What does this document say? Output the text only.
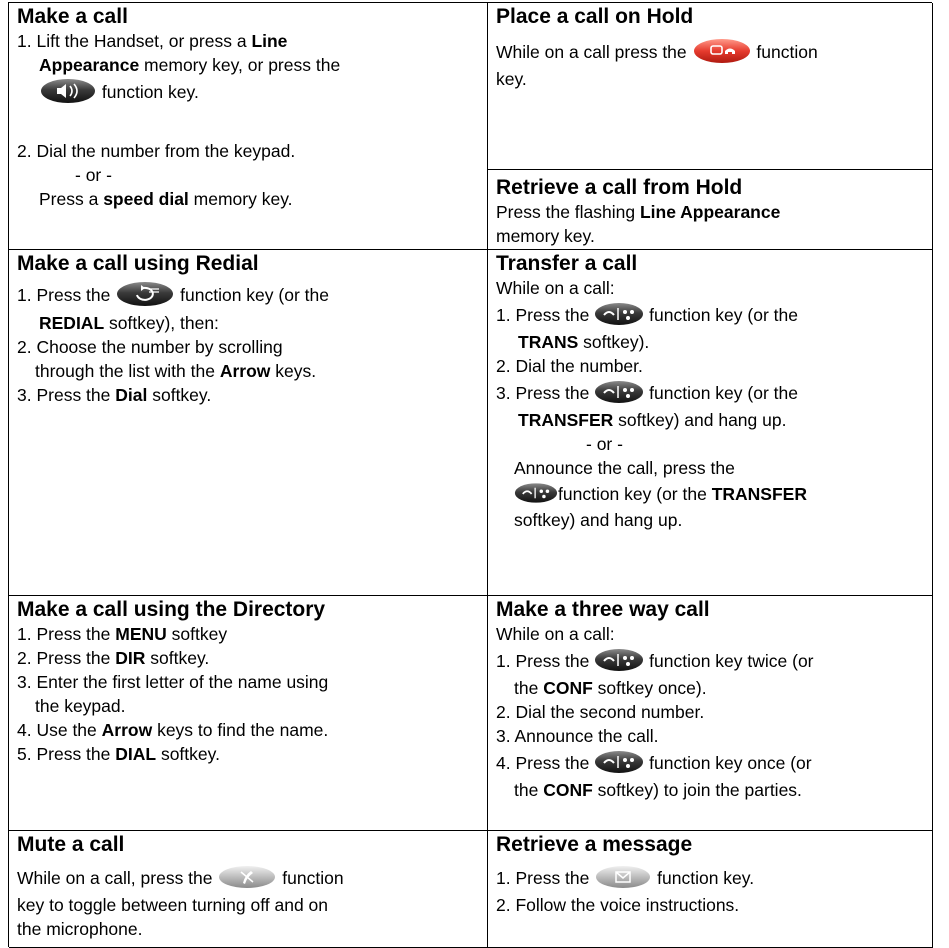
Make a call
1. Lift the Handset, or press a Line
Appearance memory key, or press the
function key.
2. Dial the number from the keypad.
- or -
Press a speed dial memory key.
Place a call on Hold
While on a call press the	function
key.
Retrieve a call from Hold
Press the flashing Line Appearance
memory key.
Make a call using Redial
1. Press the	function key (or the
REDIAL softkey), then:
2. Choose the number by scrolling
through the list with the Arrow keys.
3. Press the Dial softkey.
Transfer a call
While on a call:
1. Press the	function key (or the
TRANS softkey).
2. Dial the number.
3. Press the	function key (or the
TRANSFER softkey) and hang up.
- or -
Announce the call, press the
function key (or the TRANSFER
softkey) and hang up.
Make a call using the Directory
1. Press the MENU softkey
2. Press the DIR softkey.
3. Enter the first letter of the name using
the keypad.
4. Use the Arrow keys to find the name.
5. Press the DIAL softkey.
Make a three way call
While on a call:
1. Press the	function key twice (or
the CONF softkey once).
2. Dial the second number.
3. Announce the call.
4. Press the	function key once (or
the CONF softkey) to join the parties.
Mute a call
While on a call, press the	function
key to toggle between turning off and on
the microphone.
Retrieve a message
1. Press the	function key.
2. Follow the voice instructions.
